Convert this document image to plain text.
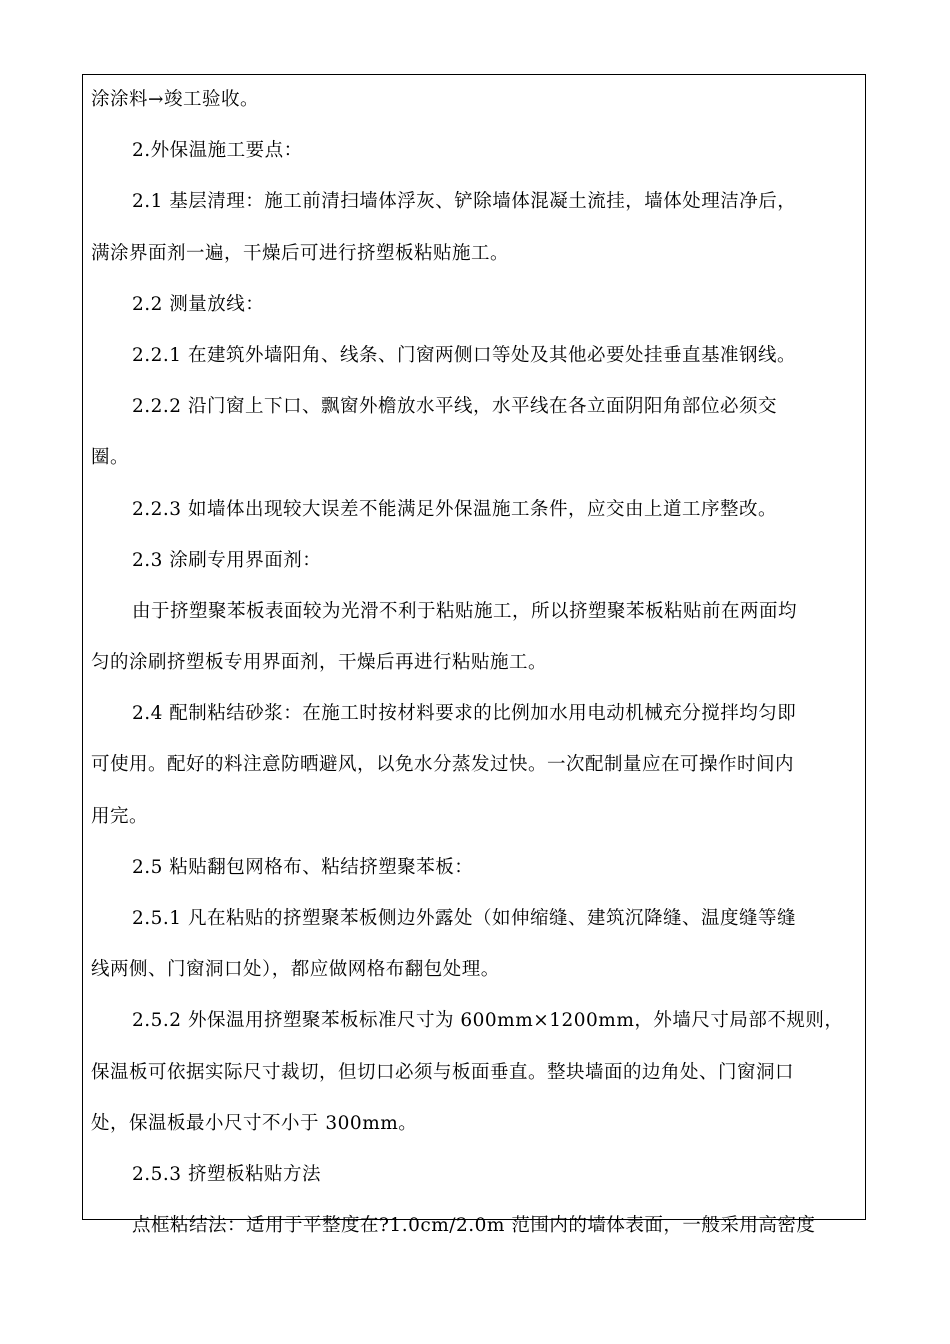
涂涂料→竣工验收。
2.外保温施工要点：
2.1 基层清理：施工前清扫墙体浮灰、铲除墙体混凝土流挂，墙体处理洁净后，
满涂界面剂一遍，干燥后可进行挤塑板粘贴施工。
2.2 测量放线：
2.2.1 在建筑外墙阳角、线条、门窗两侧口等处及其他必要处挂垂直基准钢线。
2.2.2 沿门窗上下口、飘窗外檐放水平线，水平线在各立面阴阳角部位必须交
圈。
2.2.3 如墙体出现较大误差不能满足外保温施工条件，应交由上道工序整改。
2.3 涂刷专用界面剂：
由于挤塑聚苯板表面较为光滑不利于粘贴施工，所以挤塑聚苯板粘贴前在两面均
匀的涂刷挤塑板专用界面剂，干燥后再进行粘贴施工。
2.4 配制粘结砂浆：在施工时按材料要求的比例加水用电动机械充分搅拌均匀即
可使用。配好的料注意防晒避风，以免水分蒸发过快。一次配制量应在可操作时间内
用完。
2.5 粘贴翻包网格布、粘结挤塑聚苯板：
2.5.1 凡在粘贴的挤塑聚苯板侧边外露处（如伸缩缝、建筑沉降缝、温度缝等缝
线两侧、门窗洞口处），都应做网格布翻包处理。
2.5.2 外保温用挤塑聚苯板标准尺寸为 600mm×1200mm，外墙尺寸局部不规则，
保温板可依据实际尺寸裁切，但切口必须与板面垂直。整块墙面的边角处、门窗洞口
处，保温板最小尺寸不小于 300mm。
2.5.3 挤塑板粘贴方法
点框粘结法：适用于平整度在?1.0cm/2.0m 范围内的墙体表面，一般采用高密度
